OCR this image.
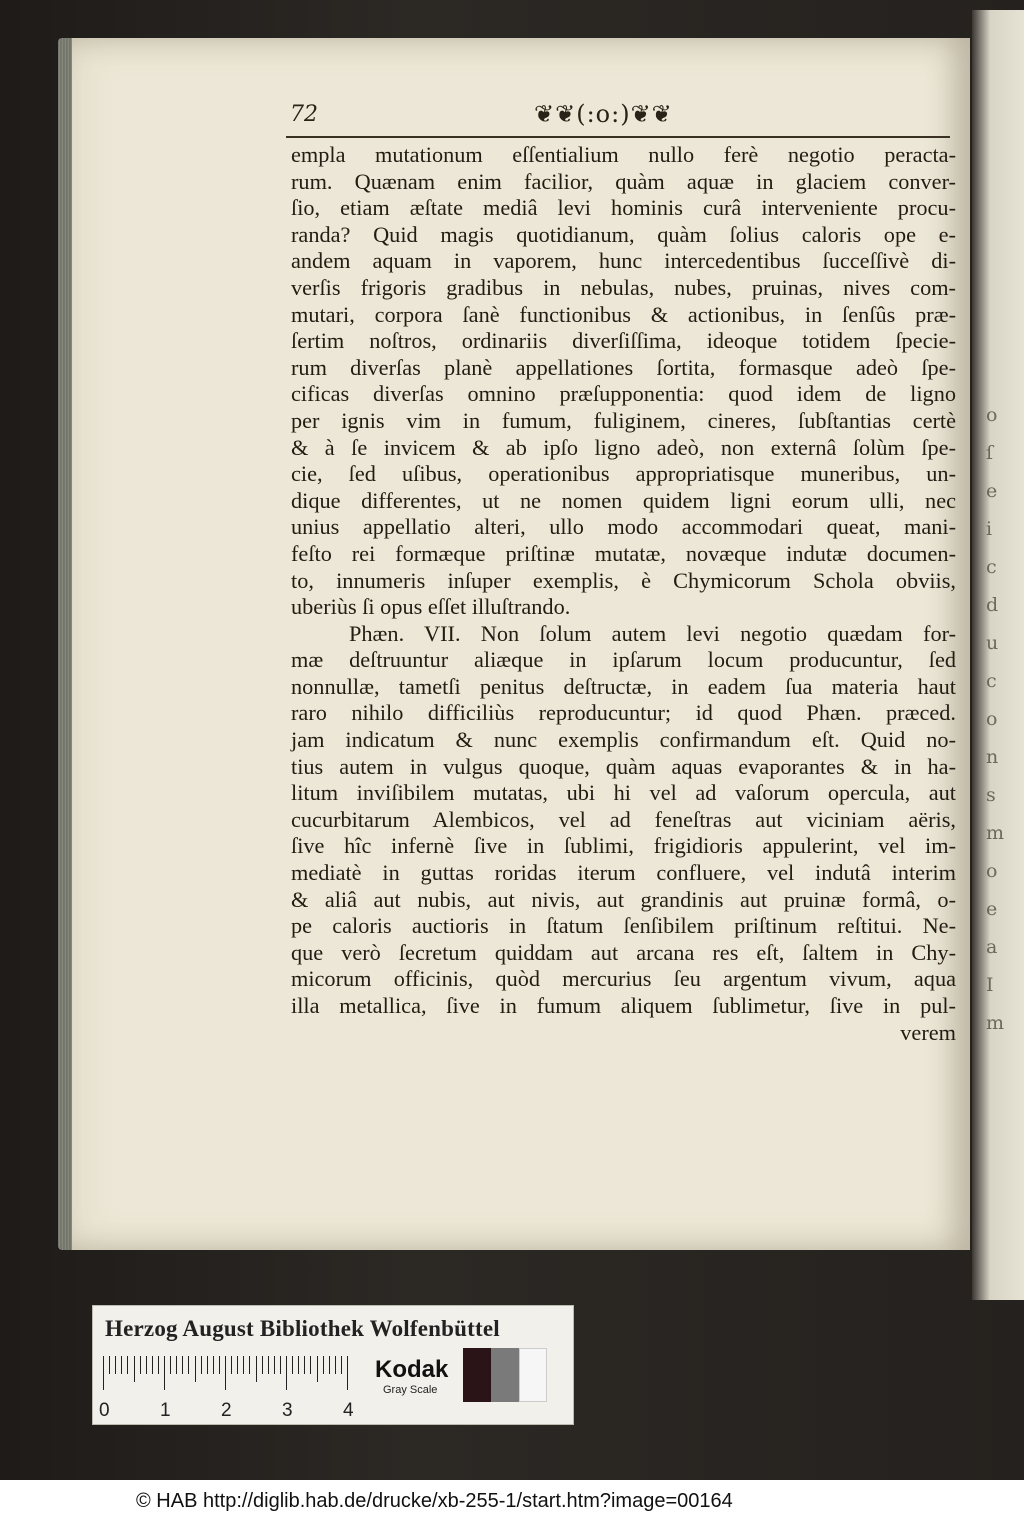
o
ſ
e
i
c
d
u
c
o
n
s
m
o
e
a
I
m
72	❦❦(:o:)❦❦
empla mutationum eſſentialium nullo ferè negotio peracta-
rum. Quænam enim facilior, quàm aquæ in glaciem conver-
ſio, etiam æſtate mediâ levi hominis curâ interveniente procu-
randa? Quid magis quotidianum, quàm ſolius caloris ope e-
andem aquam in vaporem, hunc intercedentibus ſucceſſivè di-
verſis frigoris gradibus in nebulas, nubes, pruinas, nives com-
mutari, corpora ſanè functionibus & actionibus, in ſenſûs præ-
ſertim noſtros, ordinariis diverſiſſima, ideoque totidem ſpecie-
rum diverſas planè appellationes ſortita, formasque adeò ſpe-
cificas diverſas omnino præſupponentia: quod idem de ligno
per ignis vim in fumum, fuliginem, cineres, ſubſtantias certè
& à ſe invicem & ab ipſo ligno adeò, non externâ ſolùm ſpe-
cie, ſed uſibus, operationibus appropriatisque muneribus, un-
dique differentes, ut ne nomen quidem ligni eorum ulli, nec
unius appellatio alteri, ullo modo accommodari queat, mani-
feſto rei formæque priſtinæ mutatæ, novæque indutæ documen-
to, innumeris inſuper exemplis, è Chymicorum Schola obviis,
uberiùs ſi opus eſſet illuſtrando.
Phæn. VII. Non ſolum autem levi negotio quædam for-
mæ deſtruuntur aliæque in ipſarum locum producuntur, ſed
nonnullæ, tametſi penitus deſtructæ, in eadem ſua materia haut
raro nihilo difficiliùs reproducuntur; id quod Phæn. præced.
jam indicatum & nunc exemplis confirmandum eſt. Quid no-
tius autem in vulgus quoque, quàm aquas evaporantes & in ha-
litum inviſibilem mutatas, ubi hi vel ad vaſorum opercula, aut
cucurbitarum Alembicos, vel ad feneſtras aut viciniam aëris,
ſive hîc infernè ſive in ſublimi, frigidioris appulerint, vel im-
mediatè in guttas roridas iterum confluere, vel indutâ interim
& aliâ aut nubis, aut nivis, aut grandinis aut pruinæ formâ, o-
pe caloris auctioris in ſtatum ſenſibilem priſtinum reſtitui. Ne-
que verò ſecretum quiddam aut arcana res eſt, ſaltem in Chy-
micorum officinis, quòd mercurius ſeu argentum vivum, aqua
illa metallica, ſive in fumum aliquem ſublimetur, ſive in pul-
verem
Herzog August Bibliothek Wolfenbüttel
0	1	2	3	4
Kodak
Gray Scale
© HAB http://diglib.hab.de/drucke/xb-255-1/start.htm?image=00164
